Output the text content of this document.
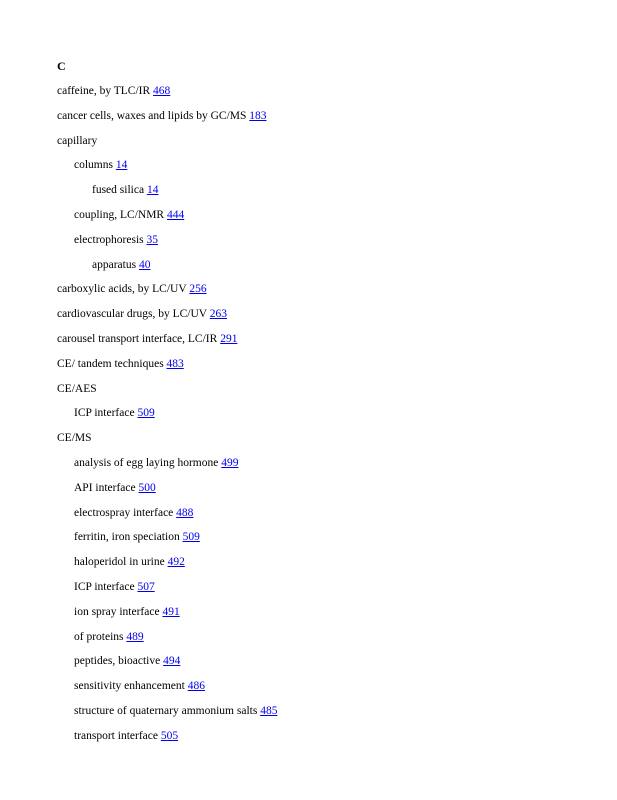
C
caffeine, by TLC/IR 468
cancer cells, waxes and lipids by GC/MS 183
capillary
columns 14
fused silica 14
coupling, LC/NMR 444
electrophoresis 35
apparatus 40
carboxylic acids, by LC/UV 256
cardiovascular drugs, by LC/UV 263
carousel transport interface, LC/IR 291
CE/ tandem techniques 483
CE/AES
ICP interface 509
CE/MS
analysis of egg laying hormone 499
API interface 500
electrospray interface 488
ferritin, iron speciation 509
haloperidol in urine 492
ICP interface 507
ion spray interface 491
of proteins 489
peptides, bioactive 494
sensitivity enhancement 486
structure of quaternary ammonium salts 485
transport interface 505
